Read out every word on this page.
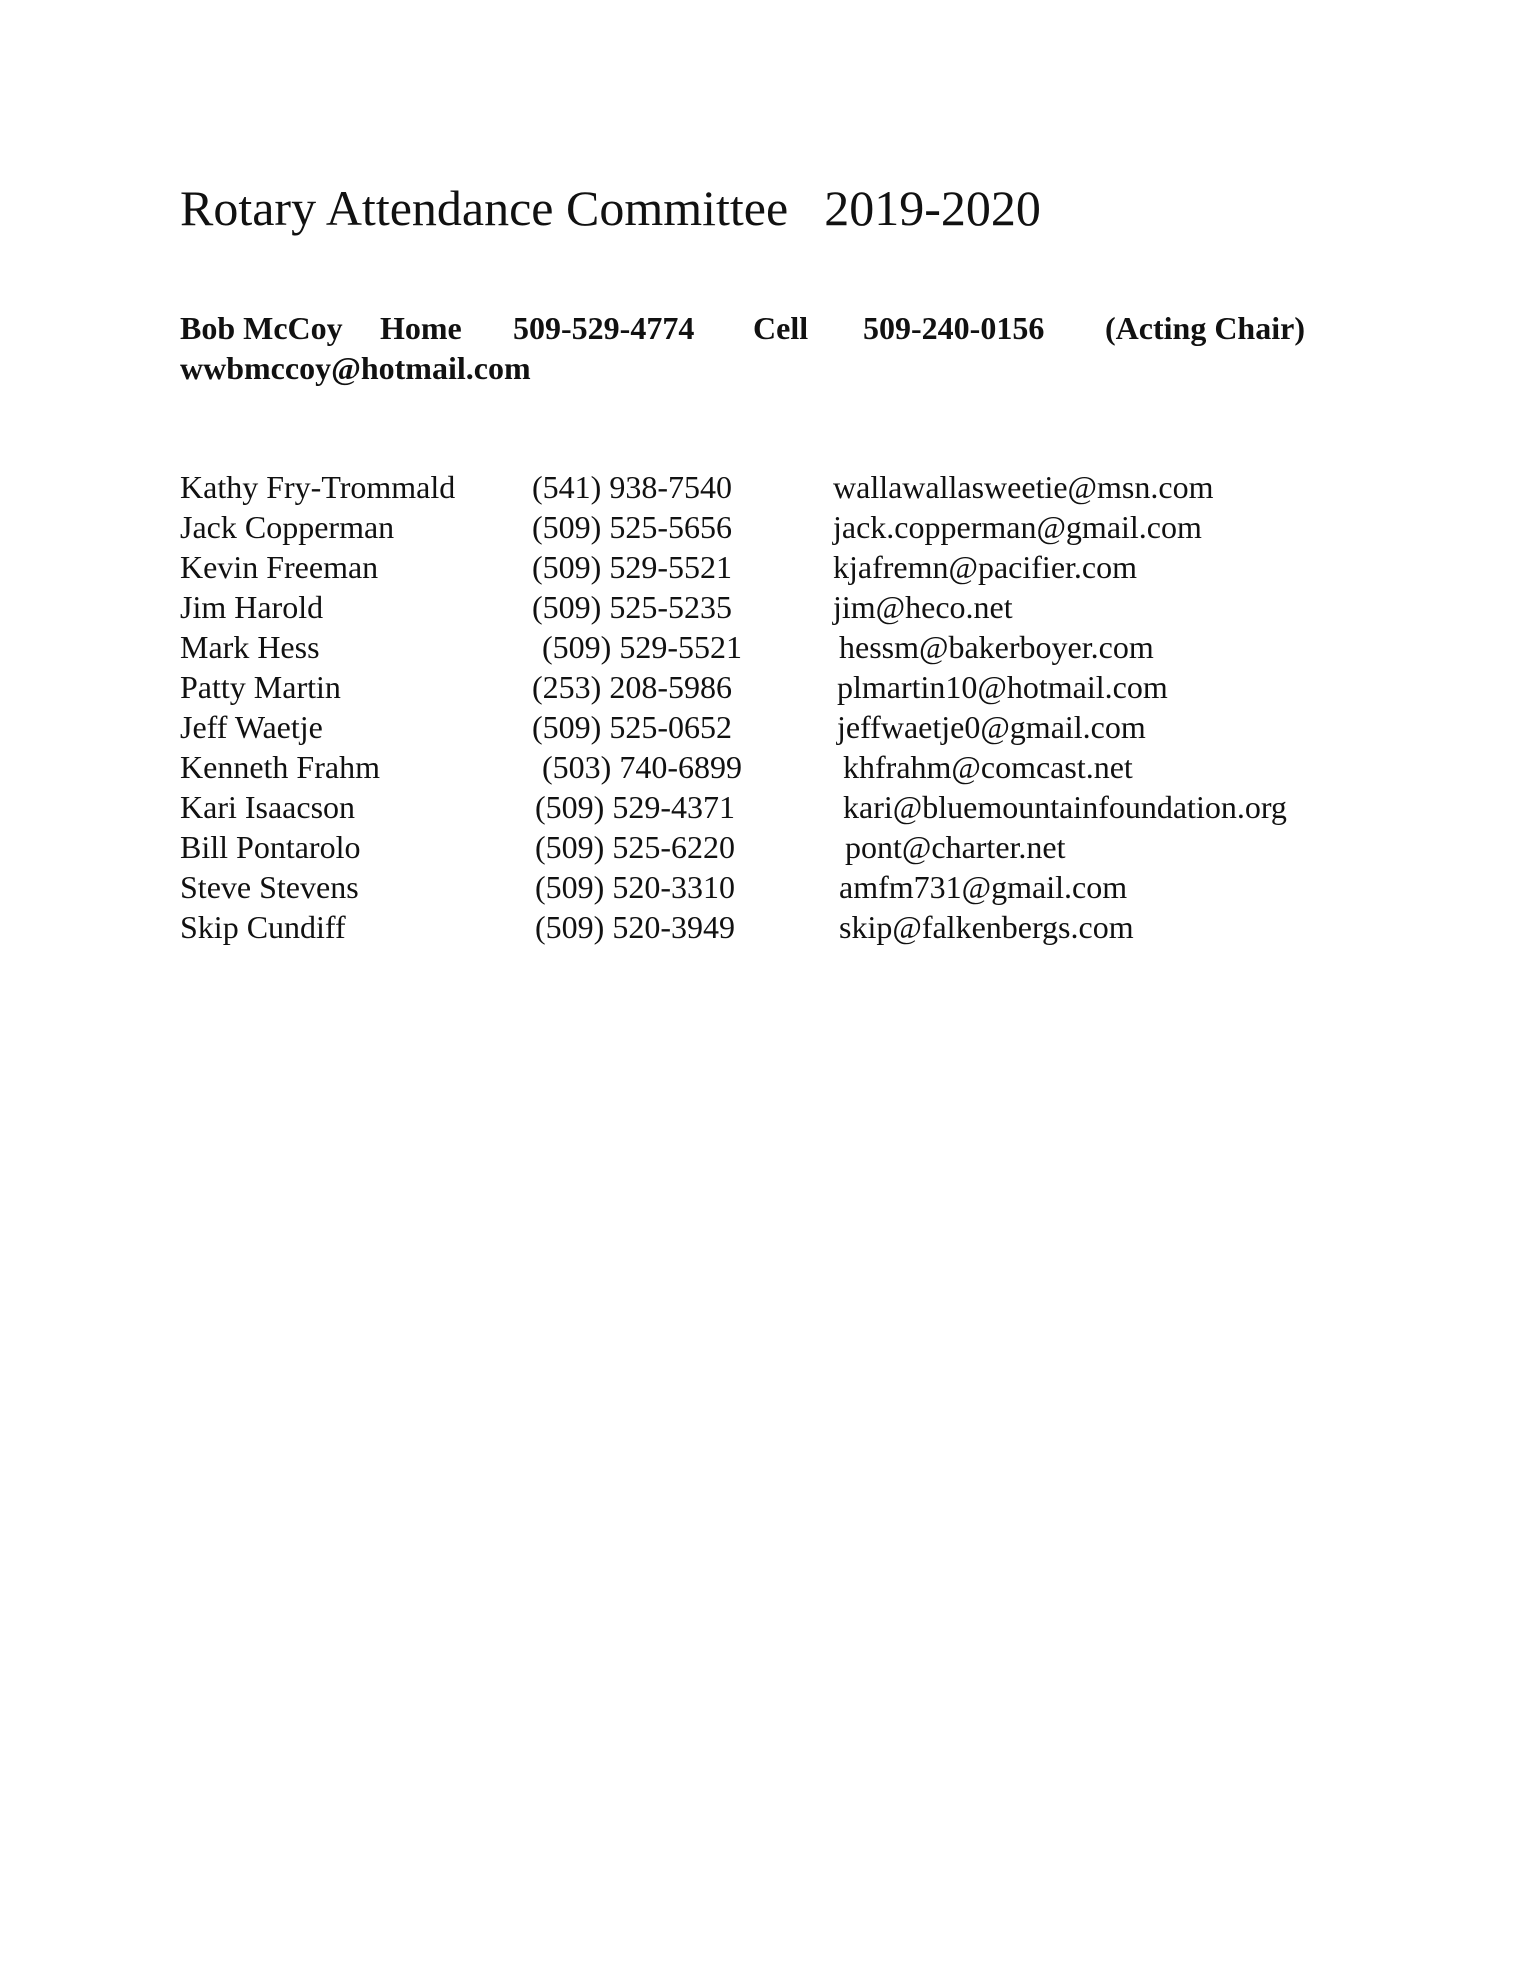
Rotary Attendance Committee 2019-2020
Bob McCoy Home 509-529-4774 Cell 509-240-0156 (Acting Chair)
wwbmccoy@hotmail.com
Kathy Fry-Trommald (541) 938-7540	wallawallasweetie@msn.com
Jack Copperman	(509) 525-5656	jack.copperman@gmail.com
Kevin Freeman	(509) 529-5521	kjafremn@pacifier.com
Jim Harold	(509) 525-5235	jim@heco.net
Mark Hess	(509) 529-5521	hessm@bakerboyer.com
Patty Martin	(253) 208-5986	plmartin10@hotmail.com
Jeff Waetje	(509) 525-0652	jeffwaetje0@gmail.com
Kenneth Frahm	(503) 740-6899	khfrahm@comcast.net
Kari Isaacson	(509) 529-4371	kari@bluemountainfoundation.org
Bill Pontarolo	(509) 525-6220	pont@charter.net
Steve Stevens	(509) 520-3310	amfm731@gmail.com
Skip Cundiff	(509) 520-3949	skip@falkenbergs.com
